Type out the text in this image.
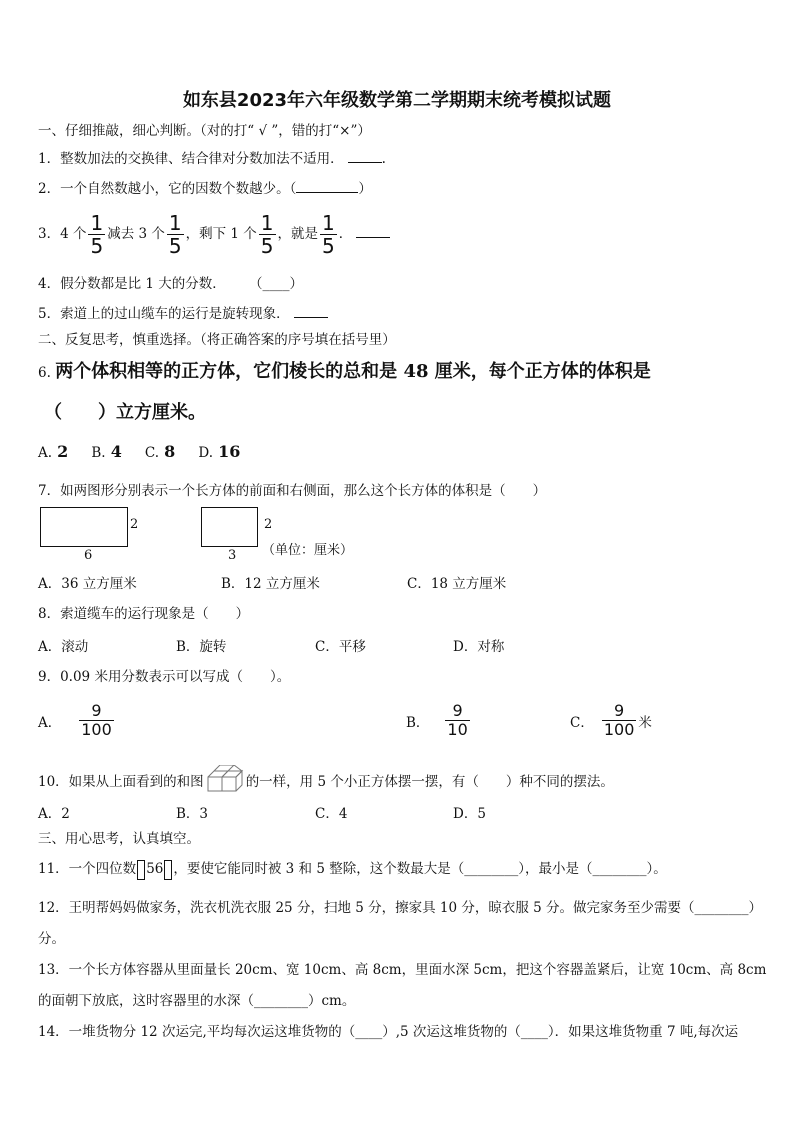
如东县2023年六年级数学第二学期期末统考模拟试题
一、仔细推敲，细心判断。（对的打“ √ ”，错的打“×”）
1．整数加法的交换律、结合律对分数加法不适用．	.
2．一个自然数越小，它的因数个数越少。（	）
3．4 个 $\frac{1}{5}$ 减去 3 个 $\frac{1}{5}$ ，剩下 1 个 $\frac{1}{5}$ ，就是 $\frac{1}{5}$ ．
4．假分数都是比 1 大的分数． （____）
5．索道上的过山缆车的运行是旋转现象．
二、反复思考，慎重选择。（将正确答案的序号填在括号里）
6. 两个体积相等的正方体，它们棱长的总和是 48 厘米，每个正方体的体积是
（　　）立方厘米。
A. 2 B. 4 C. 8 D. 16
7．如两图形分别表示一个长方体的前面和右侧面，那么这个长方体的体积是（　　）
2
6
2
3 （单位：厘米）
A．36 立方厘米	B．12 立方厘米	C．18 立方厘米
8．索道缆车的运行现象是（　　）
A．滚动	B．旋转	C．平移	D．对称
9．0.09 米用分数表示可以写成（　　）。
A． $\frac{9}{100}$	B． $\frac{9}{10}$	C． $\frac{9}{100}$ 米
10．如果从上面看到的和图	的一样，用 5 个小正方体摆一摆，有（　　）种不同的摆法。
A．2	B．3	C．4	D．5
三、用心思考，认真填空。
11．一个四位数 56 ，要使它能同时被 3 和 5 整除，这个数最大是（________），最小是（________）。
12．王明帮妈妈做家务，洗衣机洗衣服 25 分，扫地 5 分，擦家具 10 分，晾衣服 5 分。做完家务至少需要（________）
分。
13．一个长方体容器从里面量长 20cm、宽 10cm、高 8cm，里面水深 5cm，把这个容器盖紧后，让宽 10cm、高 8cm
的面朝下放底，这时容器里的水深（________）cm。
14．一堆货物分 12 次运完,平均每次运这堆货物的（____）,5 次运这堆货物的（____）．如果这堆货物重 7 吨,每次运
